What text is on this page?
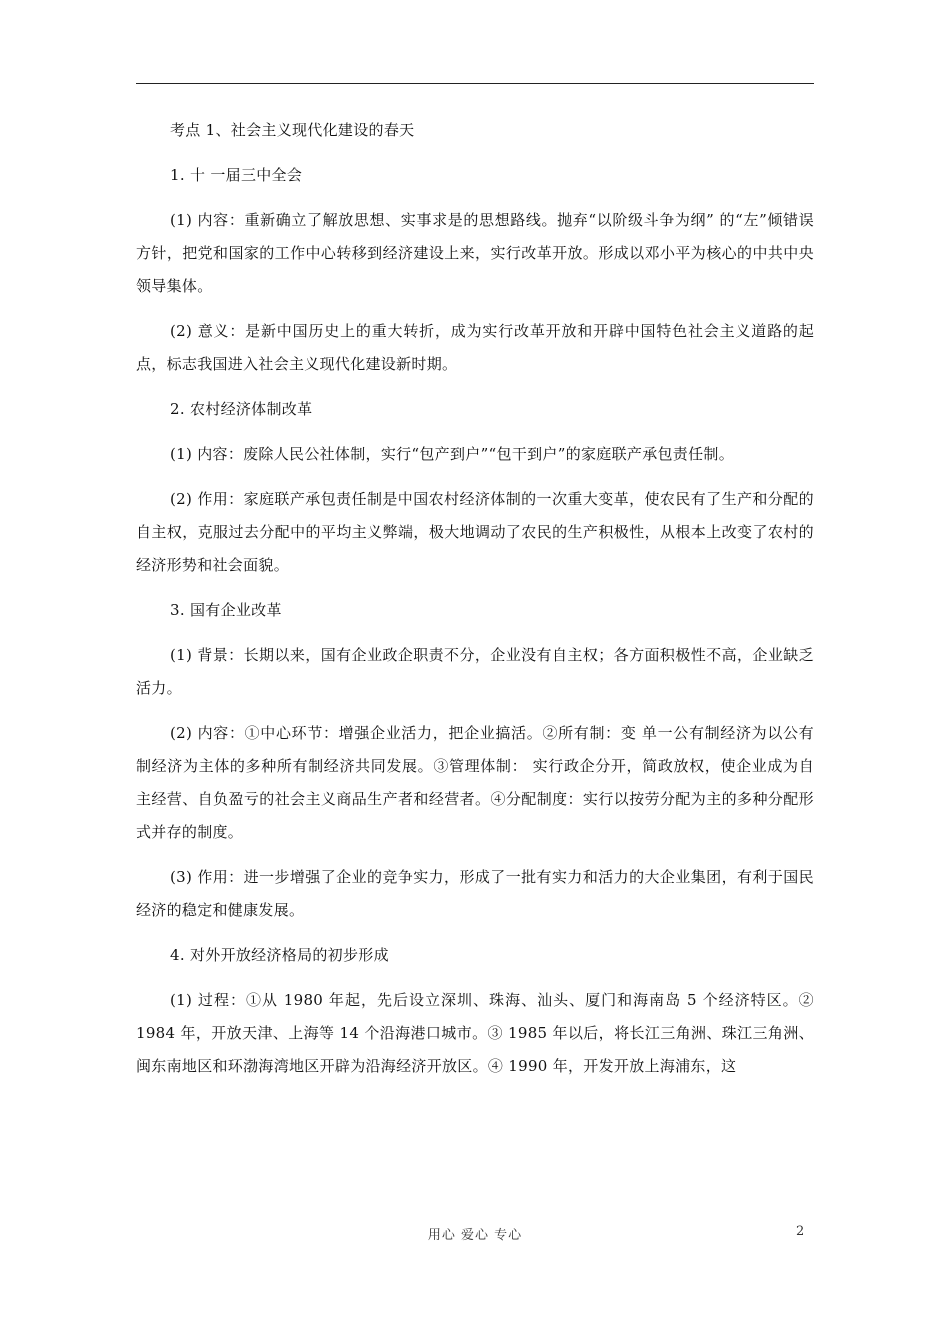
考点 1、社会主义现代化建设的春天

1. 十 一届三中全会

(1) 内容：重新确立了解放思想、实事求是的思想路线。抛弃“以阶级斗争为纲” 的“左”倾错误方针，把党和国家的工作中心转移到经济建设上来，实行改革开放。形成以邓小平为核心的中共中央领导集体。

(2) 意义：是新中国历史上的重大转折，成为实行改革开放和开辟中国特色社会主义道路的起点，标志我国进入社会主义现代化建设新时期。

2. 农村经济体制改革

(1) 内容：废除人民公社体制，实行“包产到户”“包干到户”的家庭联产承包责任制。

(2) 作用：家庭联产承包责任制是中国农村经济体制的一次重大变革，使农民有了生产和分配的自主权，克服过去分配中的平均主义弊端，极大地调动了农民的生产积极性，从根本上改变了农村的经济形势和社会面貌。

3. 国有企业改革

(1) 背景：长期以来，国有企业政企职责不分，企业没有自主权；各方面积极性不高，企业缺乏活力。

(2) 内容：①中心环节：增强企业活力，把企业搞活。②所有制：变 单一公有制经济为以公有制经济为主体的多种所有制经济共同发展。③管理体制： 实行政企分开，简政放权，使企业成为自主经营、自负盈亏的社会主义商品生产者和经营者。④分配制度：实行以按劳分配为主的多种分配形式并存的制度。

(3) 作用：进一步增强了企业的竞争实力，形成了一批有实力和活力的大企业集团，有利于国民经济的稳定和健康发展。

4. 对外开放经济格局的初步形成

(1) 过程：①从 1980 年起，先后设立深圳、珠海、汕头、厦门和海南岛 5 个经济特区。② 1984 年，开放天津、上海等 14 个沿海港口城市。③ 1985 年以后，将长江三角洲、珠江三角洲、闽东南地区和环渤海湾地区开辟为沿海经济开放区。④ 1990 年，开发开放上海浦东，这

用心 爱心 专心	2
